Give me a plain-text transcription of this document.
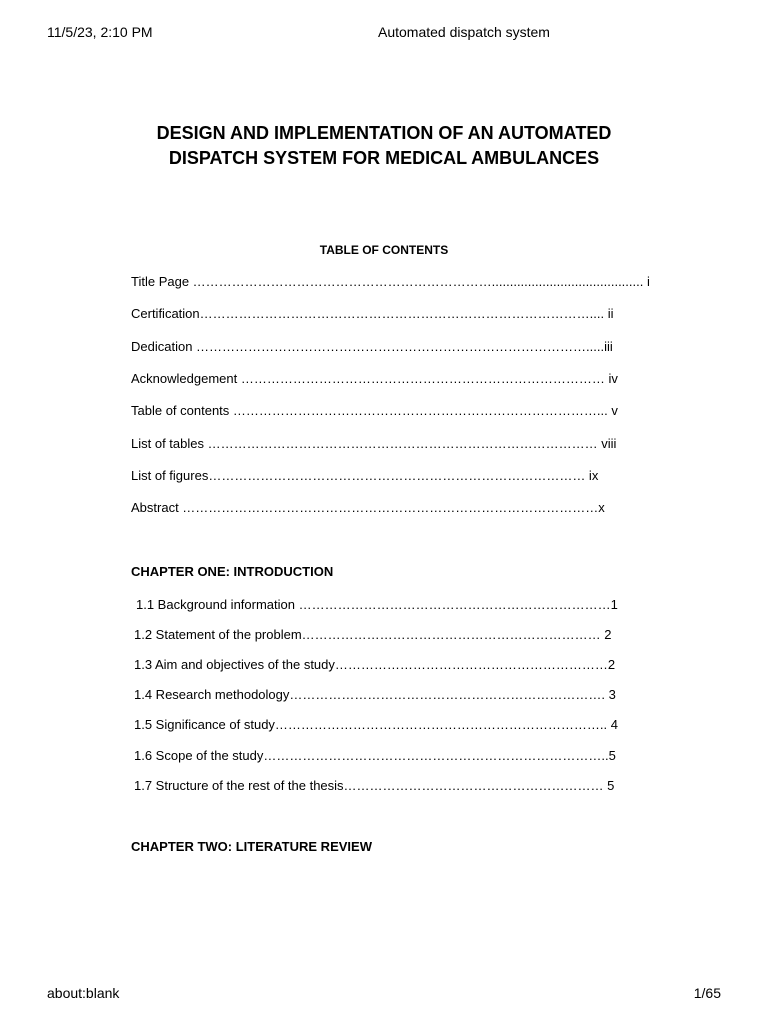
11/5/23, 2:10 PM	Automated dispatch system
DESIGN AND IMPLEMENTATION OF AN AUTOMATED DISPATCH SYSTEM FOR MEDICAL AMBULANCES
TABLE OF CONTENTS
Title Page …………………………………………………………….......................................... i
Certification……………………………………………………………………………….... ii
Dedication ……………………………………………………………………………….....iii
Acknowledgement ………………………………………………………………………… iv
Table of contents …………………………………………………………………………... v
List of tables ……………………………………………………………………………… viii
List of figures…………………………………………………………………………… ix
Abstract ……………………………………………………………………………………x
CHAPTER ONE: INTRODUCTION
1.1 Background information ………………………………………………………………1
1.2 Statement of the problem…………………………………………………………… 2
1.3 Aim and objectives of the study………………………………………………………2
1.4 Research methodology………………………………………………………………. 3
1.5 Significance of study………………………………………………………………….. 4
1.6 Scope of the study……………………………………………………………………..5
1.7 Structure of the rest of the thesis…………………………………………………… 5
CHAPTER TWO: LITERATURE REVIEW
about:blank	1/65
